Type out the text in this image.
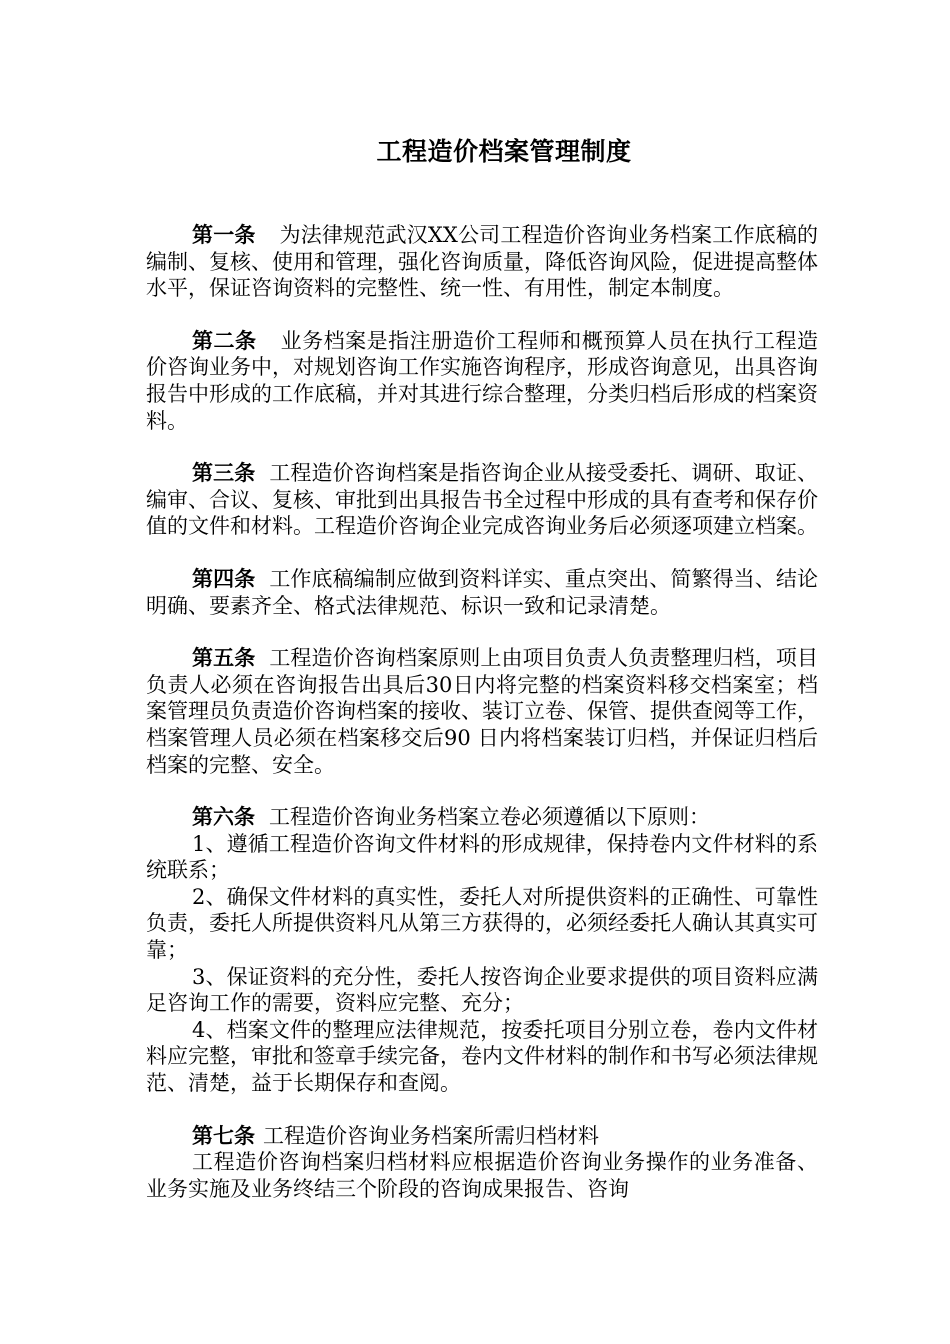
工程造价档案管理制度

第一条 为法律规范武汉XX公司工程造价咨询业务档案工作底稿的编制、复核、使用和管理，强化咨询质量，降低咨询风险，促进提高整体水平，保证咨询资料的完整性、统一性、有用性，制定本制度。

第二条 业务档案是指注册造价工程师和概预算人员在执行工程造价咨询业务中，对规划咨询工作实施咨询程序，形成咨询意见，出具咨询报告中形成的工作底稿，并对其进行综合整理，分类归档后形成的档案资料。

第三条 工程造价咨询档案是指咨询企业从接受委托、调研、取证、编审、合议、复核、审批到出具报告书全过程中形成的具有查考和保存价值的文件和材料。工程造价咨询企业完成咨询业务后必须逐项建立档案。

第四条 工作底稿编制应做到资料详实、重点突出、简繁得当、结论明确、要素齐全、格式法律规范、标识一致和记录清楚。

第五条 工程造价咨询档案原则上由项目负责人负责整理归档，项目负责人必须在咨询报告出具后30日内将完整的档案资料移交档案室；档案管理员负责造价咨询档案的接收、装订立卷、保管、提供查阅等工作，档案管理人员必须在档案移交后90 日内将档案装订归档，并保证归档后档案的完整、安全。

第六条 工程造价咨询业务档案立卷必须遵循以下原则：

1、遵循工程造价咨询文件材料的形成规律，保持卷内文件材料的系统联系；

2、确保文件材料的真实性，委托人对所提供资料的正确性、可靠性负责，委托人所提供资料凡从第三方获得的，必须经委托人确认其真实可靠；

3、保证资料的充分性，委托人按咨询企业要求提供的项目资料应满足咨询工作的需要，资料应完整、充分；

4、档案文件的整理应法律规范，按委托项目分别立卷，卷内文件材料应完整，审批和签章手续完备，卷内文件材料的制作和书写必须法律规范、清楚，益于长期保存和查阅。

第七条 工程造价咨询业务档案所需归档材料

工程造价咨询档案归档材料应根据造价咨询业务操作的业务准备、业务实施及业务终结三个阶段的咨询成果报告、咨询
